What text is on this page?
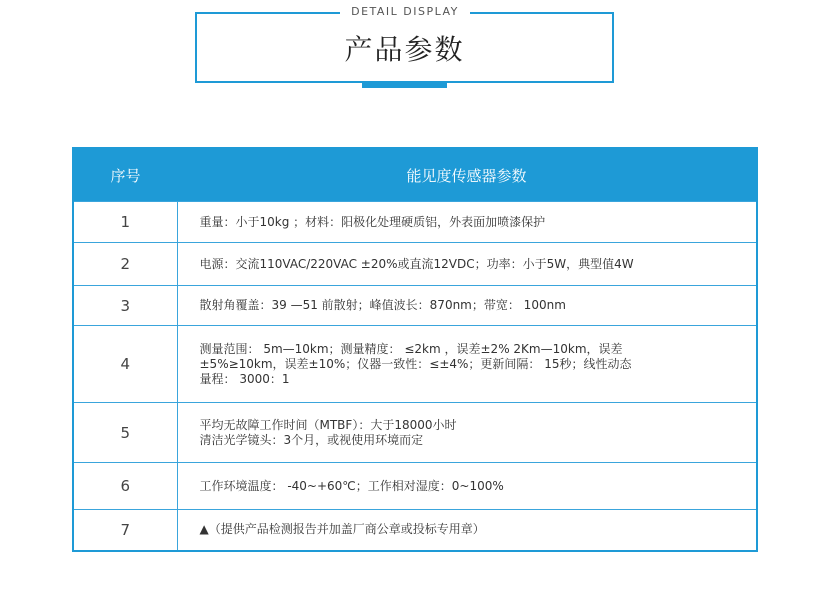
DETAIL DISPLAY
产品参数
序号	能见度传感器参数
1	重量：小于10kg ；材料：阳极化处理硬质铝，外表面加喷漆保护

2	电源：交流110VAC/220VAC ±20%或直流12VDC；功率：小于5W，典型值4W

3	散射角覆盖：39 —51 前散射；峰值波长：870nm；带宽： 100nm

4	测量范围： 5m—10km；测量精度： ≤2km ，误差±2% 2Km—10km，误差
±5%≥10km，误差±10%；仪器一致性：≤±4%；更新间隔： 15秒；线性动态
量程： 3000：1

5	平均无故障工作时间（MTBF）：大于18000小时
清洁光学镜头：3个月，或视使用环境而定

6	工作环境温度： -40~+60℃；工作相对湿度：0~100%

7	▲（提供产品检测报告并加盖厂商公章或投标专用章）
